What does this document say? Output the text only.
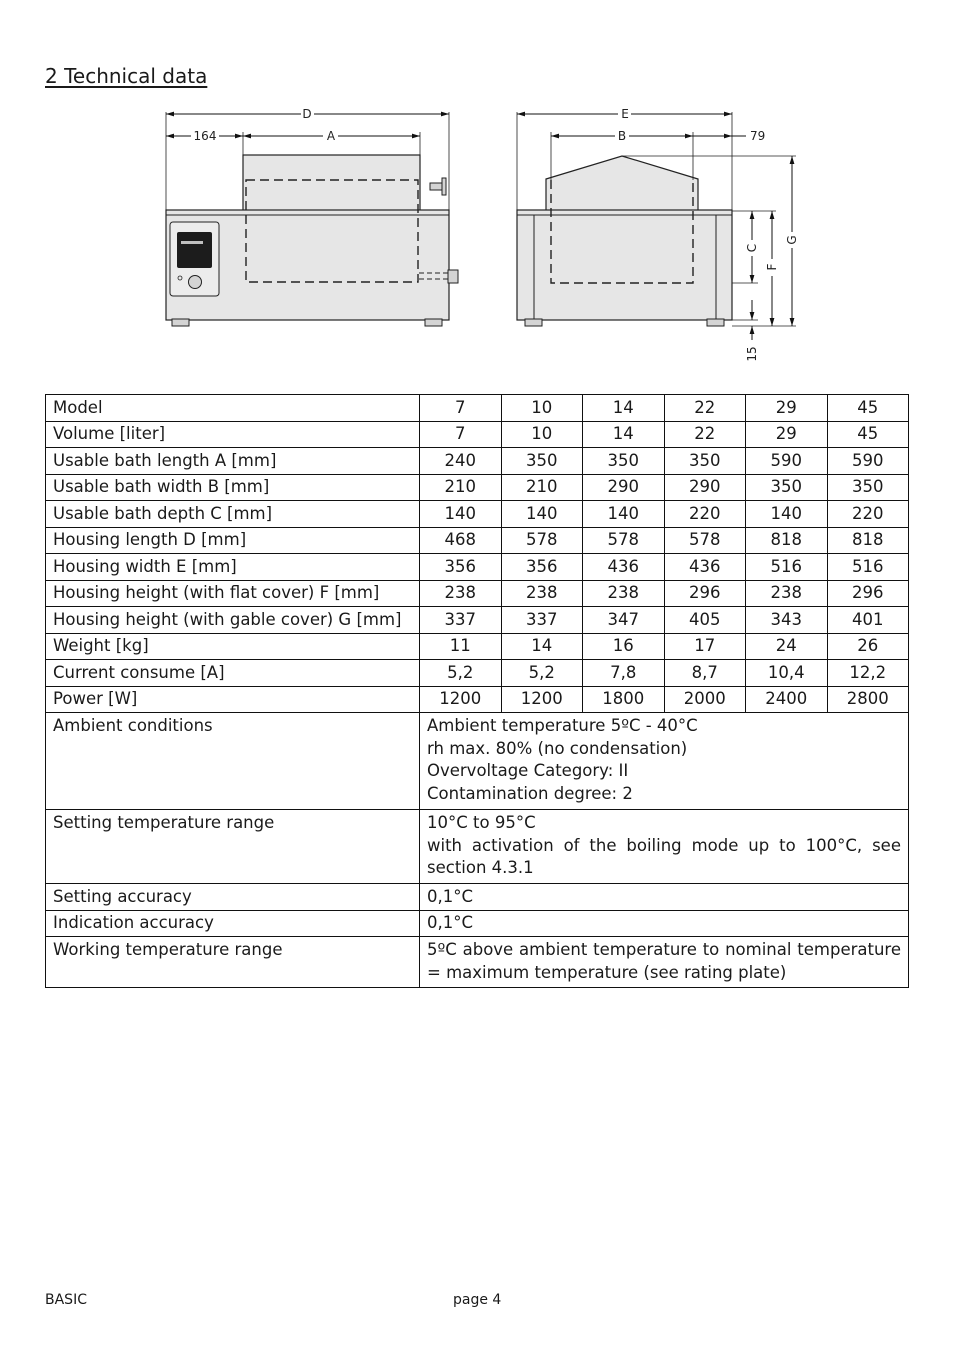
2 Technical data
D
164	A
E
B	79
C
F
G
15
Model	7	10	14	22	29	45
Volume [liter]	7	10	14	22	29	45
Usable bath length A [mm]	240	350	350	350	590	590
Usable bath width B [mm]	210	210	290	290	350	350
Usable bath depth C [mm]	140	140	140	220	140	220
Housing length D [mm]	468	578	578	578	818	818
Housing width E [mm]	356	356	436	436	516	516
Housing height (with flat cover) F [mm]	238	238	238	296	238	296
Housing height (with gable cover) G [mm]	337	337	347	405	343	401
Weight [kg]	11	14	16	17	24	26
Current consume [A]	5,2	5,2	7,8	8,7	10,4	12,2
Power [W]	1200	1200	1800	2000	2400	2800
Ambient conditions	Ambient temperature 5ºC - 40°C
rh max. 80% (no condensation)
Overvoltage Category: II
Contamination degree: 2					

Setting temperature range	10°C to 95°C
with activation of the boiling mode up to 100°C, see section 4.3.1					

Setting accuracy	0,1°C					
Indication accuracy	0,1°C					
Working temperature range	5ºC above ambient temperature to nominal temperature = maximum temperature (see rating plate)					
BASIC	page 4
